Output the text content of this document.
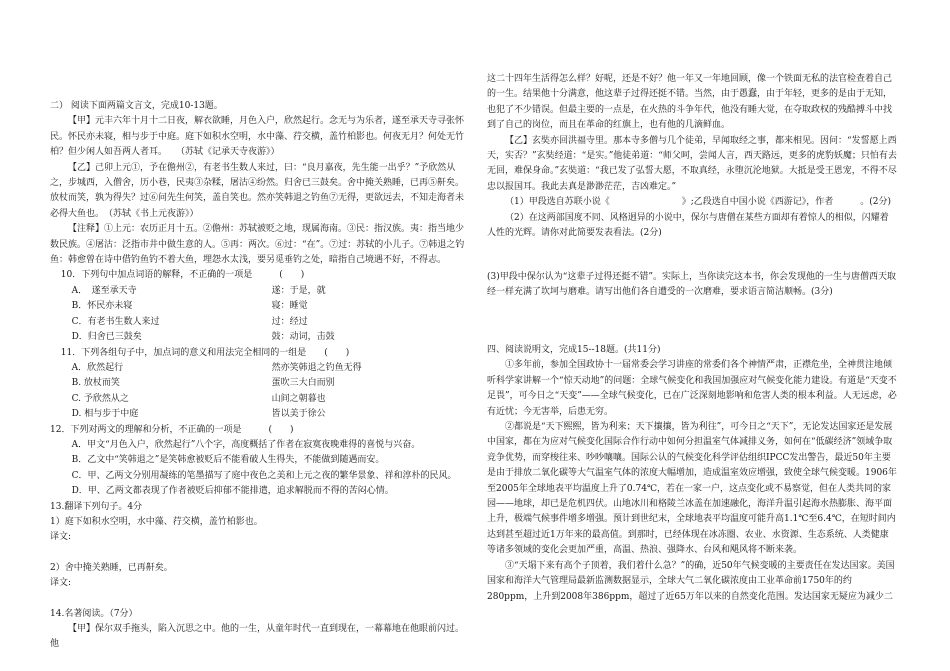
二） 阅读下面两篇文言文，完成10-13题。

【甲】元丰六年十月十二日夜，解衣欲睡，月色入户，欣然起行。念无与为乐者，遂至承天寺寻张怀民。怀民亦未寝，相与步于中庭。庭下如积水空明，水中藻、荇交横，盖竹柏影也。何夜无月？何处无竹柏？但少闲人如吾两人者耳。　　（苏轼《记承天寺夜游》）

【乙】己卯上元①，予在儋州②，有老书生数人来过，曰：“良月嘉夜，先生能一出乎？”予欣然从之，步城西，入僧舍，历小巷，民夷③杂糅，屠沽④纷然。归舍已三鼓矣。舍中掩关熟睡，已再⑤鼾矣。放杖而笑，孰为得失？过⑥问先生何笑，盖自笑也。然亦笑韩退之钓鱼⑦无得，更欲远去，不知走海者未必得大鱼也。　（苏轼《书上元夜游》）

【注释】①上元：农历正月十五。②儋州：苏轼被贬之地，现属海南。③民：指汉族。夷：指当地少数民族。④屠沽：泛指市井中做生意的人。⑤再：两次。⑥过：“在”。⑦过：苏轼的小儿子。⑦韩退之钓鱼：韩愈曾在诗中借钓鱼钓不着大鱼，埋怨水太浅，要另觅垂钓之处，暗指自己境遇不好，不得志。

10．下列句中加点词语的解释，不正确的一项是　　　(　　)

A．　遂至承天寺	遂：于是，就

B．怀民亦未寝	寝：睡觉

C．有老书生数人来过	过：经过

D．归舍已三鼓矣	鼓：动词，击鼓

11．下列各组句子中，加点词的意义和用法完全相同的一组是　　(　　)

A．欣然起行	然亦笑韩退之钓鱼无得

B. 放杖而笑	蛋吹三大白而别

C. 予欣然从之	山间之朝暮也

D. 相与步于中庭	皆以美于徐公

12．下列对两文的理解和分析，不正确的一项是　　　(　　)

A．甲文“月色入户，欣然起行”八个字，高度概括了作者在寂寞夜晚难得的喜悦与兴奋。

B．乙文中“笑韩退之”是笑韩愈被贬后不能看破人生得失，不能做到随遇而安。

C．甲、乙两文分别用凝练的笔墨描写了庭中夜色之美和上元之夜的繁华景象、祥和淳朴的民风。

D．甲、乙两文都表现了作者被贬后抑郁不能排遣，追求解脱而不得的苦闷心情。

13.翻译下列句子。4分

1）庭下如积水空明，水中藻、荇交横，盖竹柏影也。

译文:

2）舍中掩关熟睡，已再鼾矣。

译文:

14.名著阅读。（7分）

【甲】保尔双手拖头，陷入沉思之中。他的一生，从童年时代一直到现在，一幕幕地在他眼前闪过。他

这二十四年生活得怎么样？好呢，还是不好？他一年又一年地回顾，像一个铁面无私的法官检查着自己的一生。结果他十分满意，他这辈子过得还挺不错。当然，由于愚蠢，由于年轻，更多的是由于无知，也犯了不少错误。但最主要的一点是，在火热的斗争年代，他没有睡大觉，在夺取政权的残酷搏斗中找到了自己的岗位，而且在革命的红旗上，也有他的几滴鲜血。

【乙】玄奘亦回洪福寺里。那本寺多僧与几个徒弟，早闻取经之事，都来相见。因问：“发誓愿上西天，实否？”玄奘经道：“是实。”他徒弟道：“师父呵，尝闻人言，西天路远，更多的虎豹妖魔；只怕有去无回，难保身命。”玄奘道：“我已发了弘誓大愿，不取真经，永堕沉沦地狱。大抵是受王恩宠，不得不尽忠以报国耳。我此去真是渺渺茫茫，吉凶难定。”

（1）甲段选自苏联小说《　　　　　　　　》;乙段选自中国小说《西游记》，作者　　　。(2分)

（2）在这两部国度不同、风格迥异的小说中，保尔与唐僧在某些方面却有着惊人的相似，闪耀着人性的光辉。请你对此简要发表看法。(2分)

(3)甲段中保尔认为“这辈子过得还挺不错”。实际上，当你读完这本书，你会发现他的一生与唐僧西天取经一样充满了坎坷与磨难。请写出他们各自遭受的一次磨难，要求语言简洁顺畅。(3分)

四、阅读说明文，完成15--18题。(共11分)

①多年前，参加全国政协十一届常委会学习讲座的常委们各个神情严肃，正襟危坐，全神贯注地倾听科学家讲解一个“惊天动地”的问题：全球气候变化和我国加强应对气候变化能力建设。有道是“天变不足畏”，可今日之“天变”——全球气候变化，已在广泛深刻地影响和危害人类的根本利益。人无远虑，必有近忧；今无害举，后患无穷。

②都说是“天下熙熙，皆为利来；天下攘攘，皆为利往”，可今日之“天下”，无论发达国家还是发展中国家，都在为应对气候变化国际合作行动中如何分担温室气体减排义务，如何在“低碳经济”领域争取竞争优势，而穿梭往来、吵吵嚷嚷。国际公认的气候变化科学评估组织IPCC发出警告，最近50年主要是由于排放二氧化碳等大气温室气体的浓度大幅增加，造成温室效应增强，致使全球气候变暖。1906年至2005年全球地表平均温度上升了0.74℃，若在一家一户，这点变化或不易察觉，但在人类共同的家园——地球，却已是危机四伏。山地冰川和格陵兰冰盖在加速融化，海洋升温引起海水热膨胀、海平面上升，极端气候事件增多增强。预计到世纪末，全球地表平均温度可能升高1.1℃至6.4℃，在短时间内达到甚至超过近1万年来的最高值。到那时，已经体现在冰冻圈、农业、水资源、生态系统、人类健康等诸多领域的变化会更加严重，高温、热浪、强降水、台风和飓风将不断来袭。

③“天塌下来有高个子顶着，我们着什么急？”的确，近50年气候变暖的主要责任在发达国家。美国国家和海洋大气管理局最新监测数据显示，全球大气二氧化碳浓度由工业革命前1750年的约280ppm，上升到2008年386ppm，超过了近65万年以来的自然变化范围。发达国家无疑应为减少二
